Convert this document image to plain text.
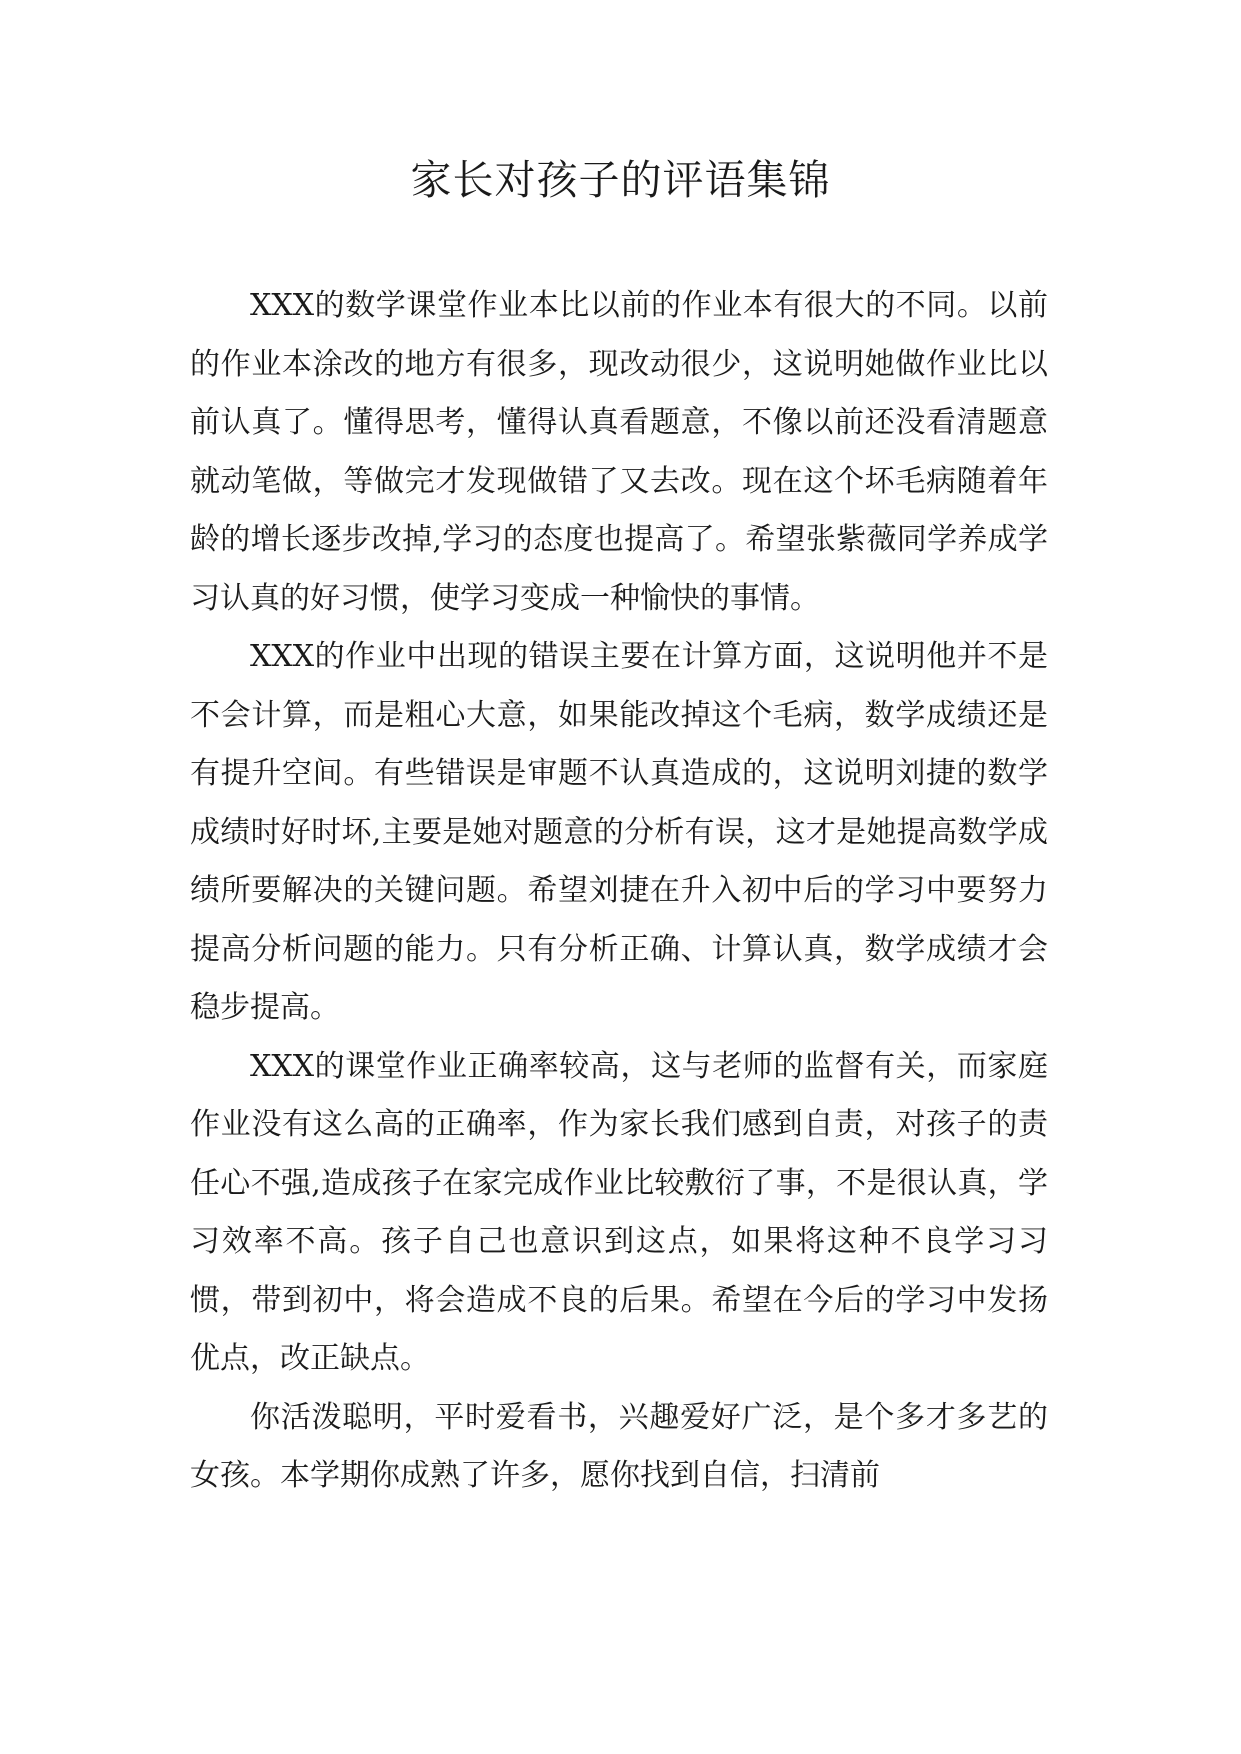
家长对孩子的评语集锦

XXX的数学课堂作业本比以前的作业本有很大的不同。以前的作业本涂改的地方有很多，现改动很少，这说明她做作业比以前认真了。懂得思考，懂得认真看题意，不像以前还没看清题意就动笔做，等做完才发现做错了又去改。现在这个坏毛病随着年龄的增长逐步改掉,学习的态度也提高了。希望张紫薇同学养成学习认真的好习惯，使学习变成一种愉快的事情。

XXX的作业中出现的错误主要在计算方面，这说明他并不是不会计算，而是粗心大意，如果能改掉这个毛病，数学成绩还是有提升空间。有些错误是审题不认真造成的，这说明刘捷的数学成绩时好时坏,主要是她对题意的分析有误，这才是她提高数学成绩所要解决的关键问题。希望刘捷在升入初中后的学习中要努力提高分析问题的能力。只有分析正确、计算认真，数学成绩才会稳步提高。

XXX的课堂作业正确率较高，这与老师的监督有关，而家庭作业没有这么高的正确率，作为家长我们感到自责，对孩子的责任心不强,造成孩子在家完成作业比较敷衍了事，不是很认真，学习效率不高。孩子自己也意识到这点，如果将这种不良学习习惯，带到初中，将会造成不良的后果。希望在今后的学习中发扬优点，改正缺点。

你活泼聪明，平时爱看书，兴趣爱好广泛，是个多才多艺的女孩。本学期你成熟了许多，愿你找到自信，扫清前
